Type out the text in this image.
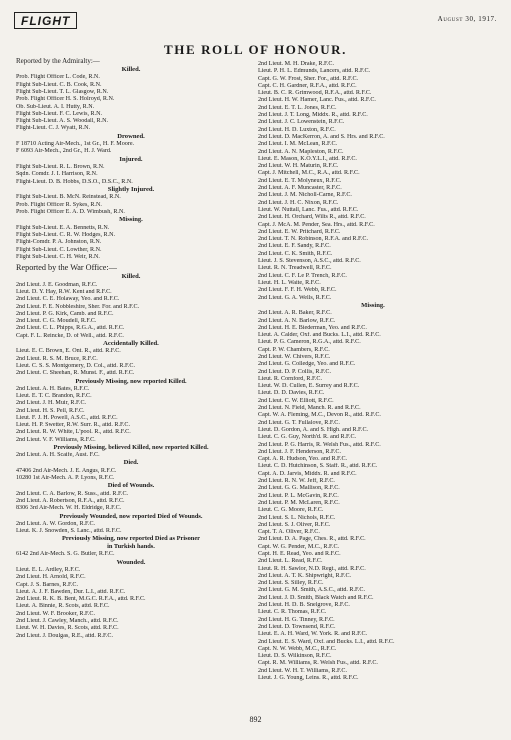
FLIGHT	August 30, 1917.
THE ROLL OF HONOUR.
Reported by the Admiralty:—
Killed.
Prob. Flight Officer L. Code, R.N.
Flight Sub-Lieut. C. B. Cook, R.N.
Flight Sub-Lieut. T. L. Glasgow, R.N.
Prob. Flight Officer H. S. Holroyd, R.N.
Ob. Sub-Lieut. A. I. Hutty, R.N.
Flight Sub-Lieut. F. C. Lewis, R.N.
Flight Sub-Lieut. A. S. Woodall, R.N.
Flight-Lieut. C. J. Wyatt, R.N.
Drowned.
F 18710 Acting Air-Mech., 1st Gr., H. F. Moore.
F 6093 Air-Mech., 2nd Gr., H. J. Ward.
Injured.
Flight Sub-Lieut. R. L. Brown, R.N.
Sqdn. Comdr. J. I. Harrison, R.N.
Flight-Lieut. D. B. Hobbs, D.S.O., D.S.C., R.N.
Slightly Injured.
Flight Sub-Lieut. B. McN. Reinstead, R.N.
Prob. Flight Officer R. Sykes, R.N.
Prob. Flight Officer E. A. D. Wimbush, R.N.
Missing.
Flight Sub-Lieut. E. A. Bennetts, R.N.
Flight Sub-Lieut. C. R. W. Hodges, R.N.
Flight-Comdr. P. A. Johnston, R.N.
Flight Sub-Lieut. C. Lowther, R.N.
Flight Sub-Lieut. C. H. Weir, R.N.
Reported by the War Office:—
Killed.
2nd Lieut. J. E. Goodman, R.F.C.
Lieut. D. Y. Hay, R.W. Kent and R.F.C.
2nd Lieut. C. E. Holaway, Yeo. and R.F.C.
2nd Lieut. F. E. Nobbleshire, Sher. For. and R.F.C.
2nd Lieut. P. G. Kirk, Camb. and R.F.C.
2nd Lieut. C. G. Moudell, R.F.C.
2nd Lieut. C. L. Phipps, R.G.A., attd. R.F.C.
Capt. F. L. Reincke, D. of Well., attd. R.F.C.
Accidentally Killed.
Lieut. E. C. Brown, E. Ont. R., attd. R.F.C.
2nd Lieut. R. S. M. Bruce, R.F.C.
Lieut. C. S. S. Montgomery, D. Col., attd. R.F.C.
2nd Lieut. C. Sheehan, R. Munst. F., attd. R.F.C.
Previously Missing, now reported Killed.
2nd Lieut. A. H. Bates, R.F.C.
Lieut. E. T. C. Brandon, R.F.C.
2nd Lieut. J. H. Muir, R.F.C.
2nd Lieut. H. S. Pell, R.F.C.
Lieut. F. J. H. Powell, A.S.C., attd. R.F.C.
Lieut. H. P. Swetter, R.W. Surr. R., attd. R.F.C.
2nd Lieut. R. W. White, L'pool. R., attd. R.F.C.
2nd Lieut. V. F. Williams, R.F.C.
Previously Missing, believed Killed, now reported Killed.
2nd Lieut. A. H. Scaife, Aust. F.C.
Died.
47406 2nd Air-Mech. J. E. Angus, R.F.C.
10280 1st Air-Mech. A. P. Lyons, R.F.C.
Died of Wounds.
2nd Lieut. C. A. Barlow, R. Suss., attd. R.F.C.
2nd Lieut. A. Robertson, R.F.A., attd. R.F.C.
8306 3rd Air-Mech. W. H. Eldridge, R.F.C.
Previously Wounded, now reported Died of Wounds.
2nd Lieut. A. W. Gordon, R.F.C.
Lieut. K. J. Snowden, S. Lanc., attd. R.F.C.
Previously Missing, now reported Died as Prisoner
in Turkish hands.
6142 2nd Air-Mech. S. G. Butler, R.F.C.
Wounded.
Lieut. E. L. Ardley, R.F.C.
2nd Lieut. H. Arnold, R.F.C.
Capt. J. S. Barnes, R.F.C.
Lieut. A. J. F. Bawden, Dur. L.I., attd. R.F.C.
2nd Lieut. R. K. B. Bent, M.G.C. R.F.A., attd. R.F.C.
Lieut. A. Binnie, R. Scots, attd. R.F.C.
2nd Lieut. W. F. Brooker, R.F.C.
2nd Lieut. J. Cawley, Manch., attd. R.F.C.
Lieut. W. H. Davies, R. Scots, attd. R.F.C.
2nd Lieut. J. Doulgas, R.E., attd. R.F.C.
2nd Lieut. M. H. Drake, R.F.C.
Lieut. P. H. L. Edmunds, Lancers, attd. R.F.C.
Capt. G. W. Frost, Sher. For., attd. R.F.C.
Capt. C. H. Gardner, R.F.A., attd. R.F.C.
Lieut. B. C. R. Grimwood, R.F.A., attd. R.F.C.
2nd Lieut. H. W. Hamer, Lanc. Fus., attd. R.F.C.
2nd Lieut. E. T. L. Jones, R.F.C.
2nd Lieut. J. T. Long, Middx. R., attd. R.F.C.
2nd Lieut. J. C. Lowenstein, R.F.C.
2nd Lieut. H. D. Luxton, R.F.C.
2nd Lieut. D. MacKerron, A. and S. Hrs. and R.F.C.
2nd Lieut. I. M. McLean, R.F.C.
2nd Lieut. A. N. Mapleston, R.F.C.
Lieut. E. Mason, K.O.Y.L.I., attd. R.F.C.
2nd Lieut. W. H. Maturin, R.F.C.
Capt. J. Mitchell, M.C., R.A., attd. R.F.C.
2nd Lieut. E. T. Molyneux, R.F.C.
2nd Lieut. A. F. Muncaster, R.F.C.
2nd Lieut. J. M. Nicholl-Carne, R.F.C.
2nd Lieut. J. H. C. Nixon, R.F.C.
Lieut. W. Nuttall, Lanc. Fus., attd. R.F.C.
2nd Lieut. H. Orchard, Wilts R., attd. R.F.C.
Capt. J. McA. M. Pender, Sea. Hrs., attd. R.F.C.
2nd Lieut. E. W. Pritchard, R.F.C.
2nd Lieut. T. N. Robinson, R.F.A. and R.F.C.
2nd Lieut. E. F. Sandy, R.F.C.
2nd Lieut. C. K. Smith, R.F.C.
Lieut. J. S. Stevenson, A.S.C., attd. R.F.C.
Lieut. R. N. Treadwell, R.F.C.
2nd Lieut. C. F. Le P. Trench, R.F.C.
Lieut. H. L. Waite, R.F.C.
2nd Lieut. F. F. H. Webb, R.F.C.
2nd Lieut. G. A. Wells, R.F.C.
Missing.
2nd Lieut. A. R. Baker, R.F.C.
2nd Lieut. A. N. Barlow, R.F.C.
2nd Lieut. H. E. Biederman, Yeo. and R.F.C.
Lieut. A. Calder, Oxf. and Bucks. L.I., attd. R.F.C.
Lieut. P. G. Cameron, R.G.A., attd. R.F.C.
Capt. P. W. Chambers, R.F.C.
2nd Lieut. W. Chivers, R.F.C.
2nd Lieut. G. Colledge, Yeo. and R.F.C.
2nd Lieut. D. P. Collis, R.F.C.
Lieut. R. Cornford, R.F.C.
Lieut. W. D. Cullen, E. Surrey and R.F.C.
Lieut. D. D. Davies, R.F.C.
2nd Lieut. C. W. Elliott, R.F.C.
2nd Lieut. N. Field, Manch. R. and R.F.C.
Capt. W. A. Fleming, M.C., Devon R., attd. R.F.C.
2nd Lieut. G. T. Fullalove, R.F.C.
Lieut. D. Gordon, A. and S. High. and R.F.C.
Lieut. C. G. Guy, North'd. R. and R.F.C.
2nd Lieut. P. G. Harris, R. Welsh Fus., attd. R.F.C.
2nd Lieut. J. F. Henderson, R.F.C.
Capt. A. R. Hudson, Yeo. and R.F.C.
Lieut. C. D. Hutchinson, S. Staff. R., attd. R.F.C.
Capt. A. D. Jarvis, Middx. R. and R.F.C.
2nd Lieut. R. N. W. Jeff, R.F.C.
2nd Lieut. G. G. Mallison, R.F.C.
2nd Lieut. P. L. McGavin, R.F.C.
2nd Lieut. P. M. McLaren, R.F.C.
Lieut. C. G. Moore, R.F.C.
2nd Lieut. S. L. Nichols, R.F.C.
2nd Lieut. S. J. Oliver, R.F.C.
Capt. T. A. Oliver, R.F.C.
2nd Lieut. D. A. Page, Ches. R., attd. R.F.C.
Capt. W. G. Pender, M.C., R.F.C.
Capt. H. E. Read, Yeo. and R.F.C.
2nd Lieut. L. Read, R.F.C.
Lieut. R. H. Sawlor, N.D. Regt., attd. R.F.C.
2nd Lieut. A. T. K. Shipwright, R.F.C.
2nd Lieut. S. Silley, R.F.C.
2nd Lieut. G. M. Smith, A.S.C., attd. R.F.C.
2nd Lieut. J. D. Smith, Black Watch and R.F.C.
2nd Lieut. H. D. B. Snelgrove, R.F.C.
Lieut. C. R. Thomas, R.F.C.
2nd Lieut. H. G. Tinney, R.F.C.
2nd Lieut. D. Townsend, R.F.C.
Lieut. E. A. H. Ward, W. York. R. and R.F.C.
2nd Lieut. E. S. Ward, Oxf. and Bucks. L.I., attd. R.F.C.
Capt. N. W. Webb, M.C., R.F.C.
Lieut. D. S. Wilkinson, R.F.C.
Capt. R. M. Williams, R. Welsh Fus., attd. R.F.C.
2nd Lieut. W. H. T. Williams, R.F.C.
Lieut. J. G. Young, Leins. R., attd. R.F.C.
892
